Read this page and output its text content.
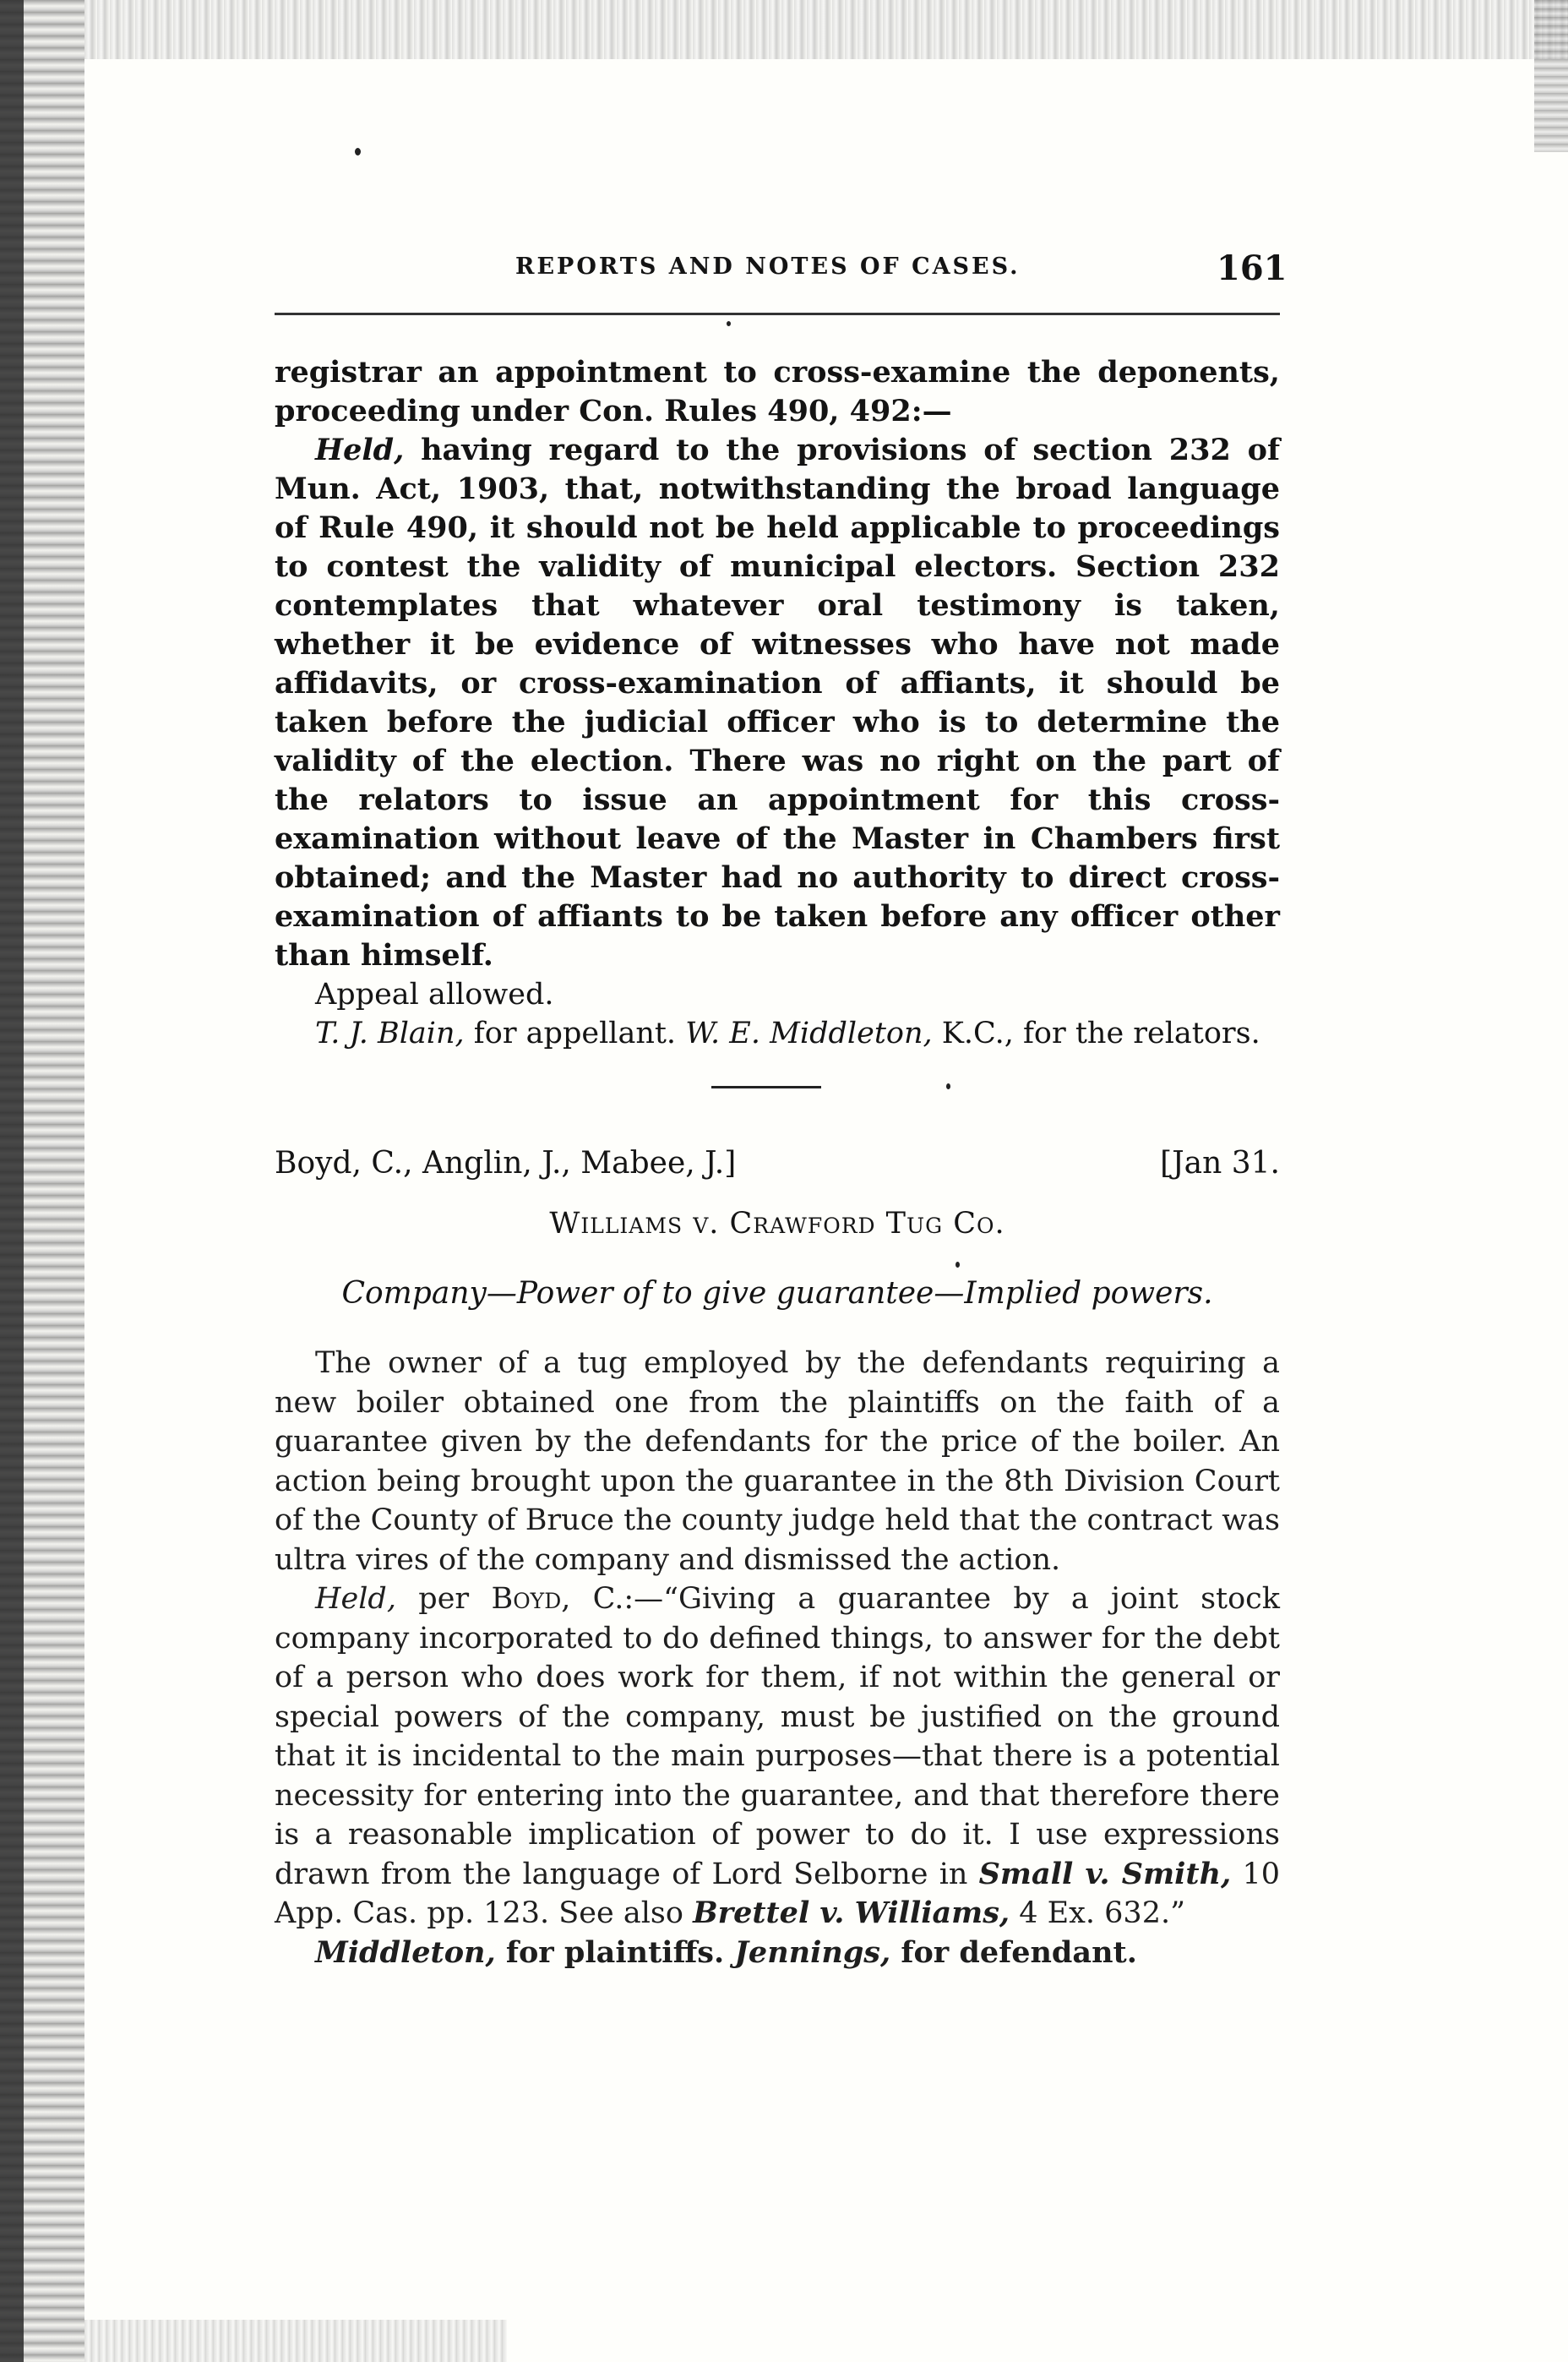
REPORTS AND NOTES OF CASES.	161

registrar an appointment to cross-examine the deponents, proceeding under Con. Rules 490, 492:—

Held, having regard to the provisions of section 232 of Mun. Act, 1903, that, notwithstanding the broad language of Rule 490, it should not be held applicable to proceedings to contest the validity of municipal electors. Section 232 contemplates that whatever oral testimony is taken, whether it be evidence of witnesses who have not made affidavits, or cross-examination of affiants, it should be taken before the judicial officer who is to determine the validity of the election. There was no right on the part of the relators to issue an appointment for this cross-examination without leave of the Master in Chambers first obtained; and the Master had no authority to direct cross-examination of affiants to be taken before any officer other than himself.

Appeal allowed.

T. J. Blain, for appellant. W. E. Middleton, K.C., for the relators.

Boyd, C., Anglin, J., Mabee, J.]	[Jan 31.
Williams v. Crawford Tug Co.
Company—Power of to give guarantee—Implied powers.

The owner of a tug employed by the defendants requiring a new boiler obtained one from the plaintiffs on the faith of a guarantee given by the defendants for the price of the boiler. An action being brought upon the guarantee in the 8th Division Court of the County of Bruce the county judge held that the contract was ultra vires of the company and dismissed the action.

Held, per Boyd, C.:—“Giving a guarantee by a joint stock company incorporated to do defined things, to answer for the debt of a person who does work for them, if not within the general or special powers of the company, must be justified on the ground that it is incidental to the main purposes—that there is a potential necessity for entering into the guarantee, and that therefore there is a reasonable implication of power to do it. I use expressions drawn from the language of Lord Selborne in Small v. Smith, 10 App. Cas. pp. 123. See also Brettel v. Williams, 4 Ex. 632.”

Middleton, for plaintiffs. Jennings, for defendant.
